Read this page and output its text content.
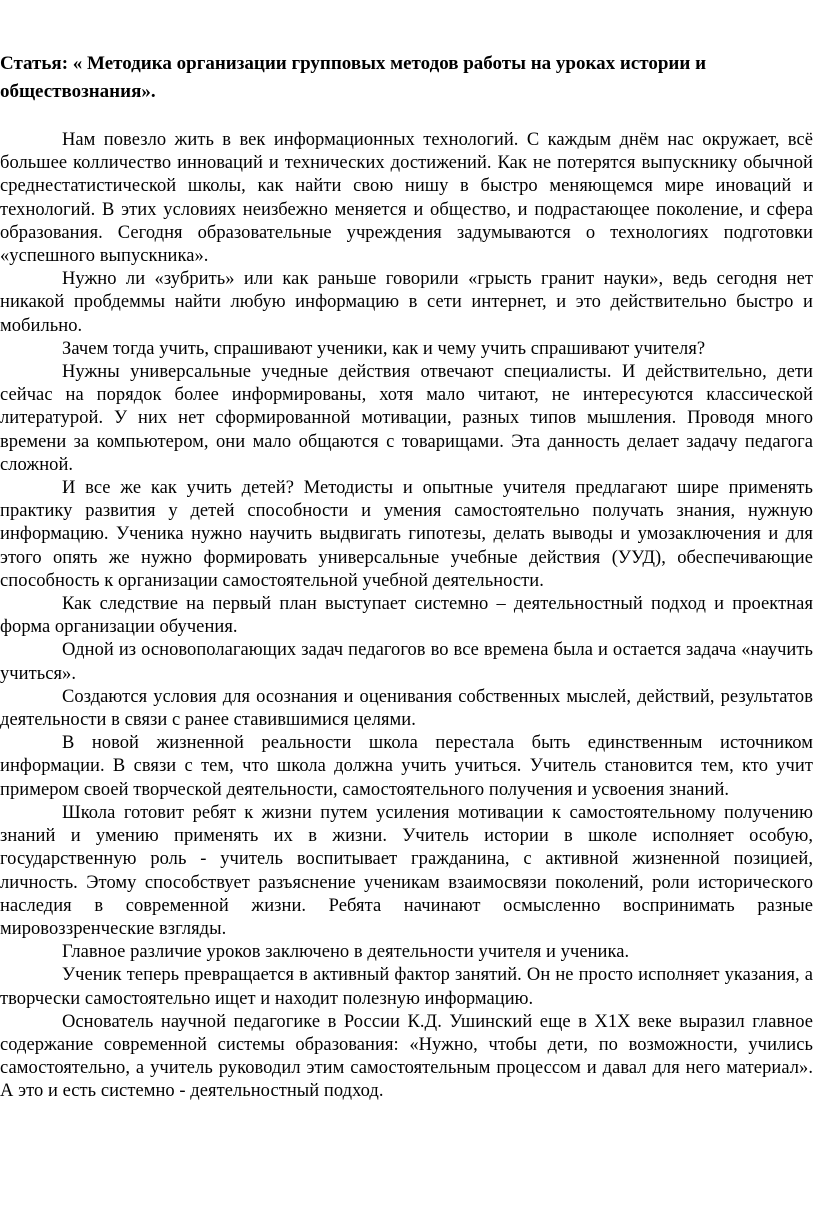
Статья: « Методика организации групповых методов работы на уроках истории и обществознания».

Нам повезло жить в век информационных технологий. С каждым днём нас окружает, всё большее колличество инноваций и технических достижений. Как не потерятся выпускнику обычной среднестатистической школы, как найти свою нишу в быстро меняющемся мире иноваций и технологий. В этих условиях неизбежно меняется и общество, и подрастающее поколение, и сфера образования. Сегодня образовательные учреждения задумываются о технологиях подготовки «успешного выпускника».

Нужно ли «зубрить» или как раньше говорили «грысть гранит науки», ведь сегодня нет никакой пробдеммы найти любую информацию в сети интернет, и это действительно быстро и мобильно.

Зачем тогда учить, спрашивают ученики, как и чему учить спрашивают учителя?

Нужны универсальные учедные действия отвечают специалисты. И действительно, дети сейчас на порядок более информированы, хотя мало читают, не интересуются классической литературой. У них нет сформированной мотивации, разных типов мышления. Проводя много времени за компьютером, они мало общаются с товарищами. Эта данность делает задачу педагога сложной.

И все же как учить детей? Методисты и опытные учителя предлагают шире применять практику развития у детей способности и умения самостоятельно получать знания, нужную информацию. Ученика нужно научить выдвигать гипотезы, делать выводы и умозаключения и для этого опять же нужно формировать универсальные учебные действия (УУД), обеспечивающие способность к организации самостоятельной учебной деятельности.

Как следствие на первый план выступает системно – деятельностный подход и проектная форма организации обучения.

Одной из основополагающих задач педагогов во все времена была и остается задача «научить учиться».

Создаются условия для осознания и оценивания собственных мыслей, действий, результатов деятельности в связи с ранее ставившимися целями.

В новой жизненной реальности школа перестала быть единственным источником информации. В связи с тем, что школа должна учить учиться. Учитель становится тем, кто учит примером своей творческой деятельности, самостоятельного получения и усвоения знаний.

Школа готовит ребят к жизни путем усиления мотивации к самостоятельному получению знаний и умению применять их в жизни. Учитель истории в школе исполняет особую, государственную роль - учитель воспитывает гражданина, с активной жизненной позицией, личность. Этому способствует разъяснение ученикам взаимосвязи поколений, роли исторического наследия в современной жизни. Ребята начинают осмысленно воспринимать разные мировоззренческие взгляды.

Главное различие уроков заключено в деятельности учителя и ученика.

Ученик теперь превращается в активный фактор занятий. Он не просто исполняет указания, а творчески самостоятельно ищет и находит полезную информацию.

Основатель научной педагогике в России К.Д. Ушинский еще в Х1Х веке выразил главное содержание современной системы образования: «Нужно, чтобы дети, по возможности, учились самостоятельно, а учитель руководил этим самостоятельным процессом и давал для него материал». А это и есть системно - деятельностный подход.
